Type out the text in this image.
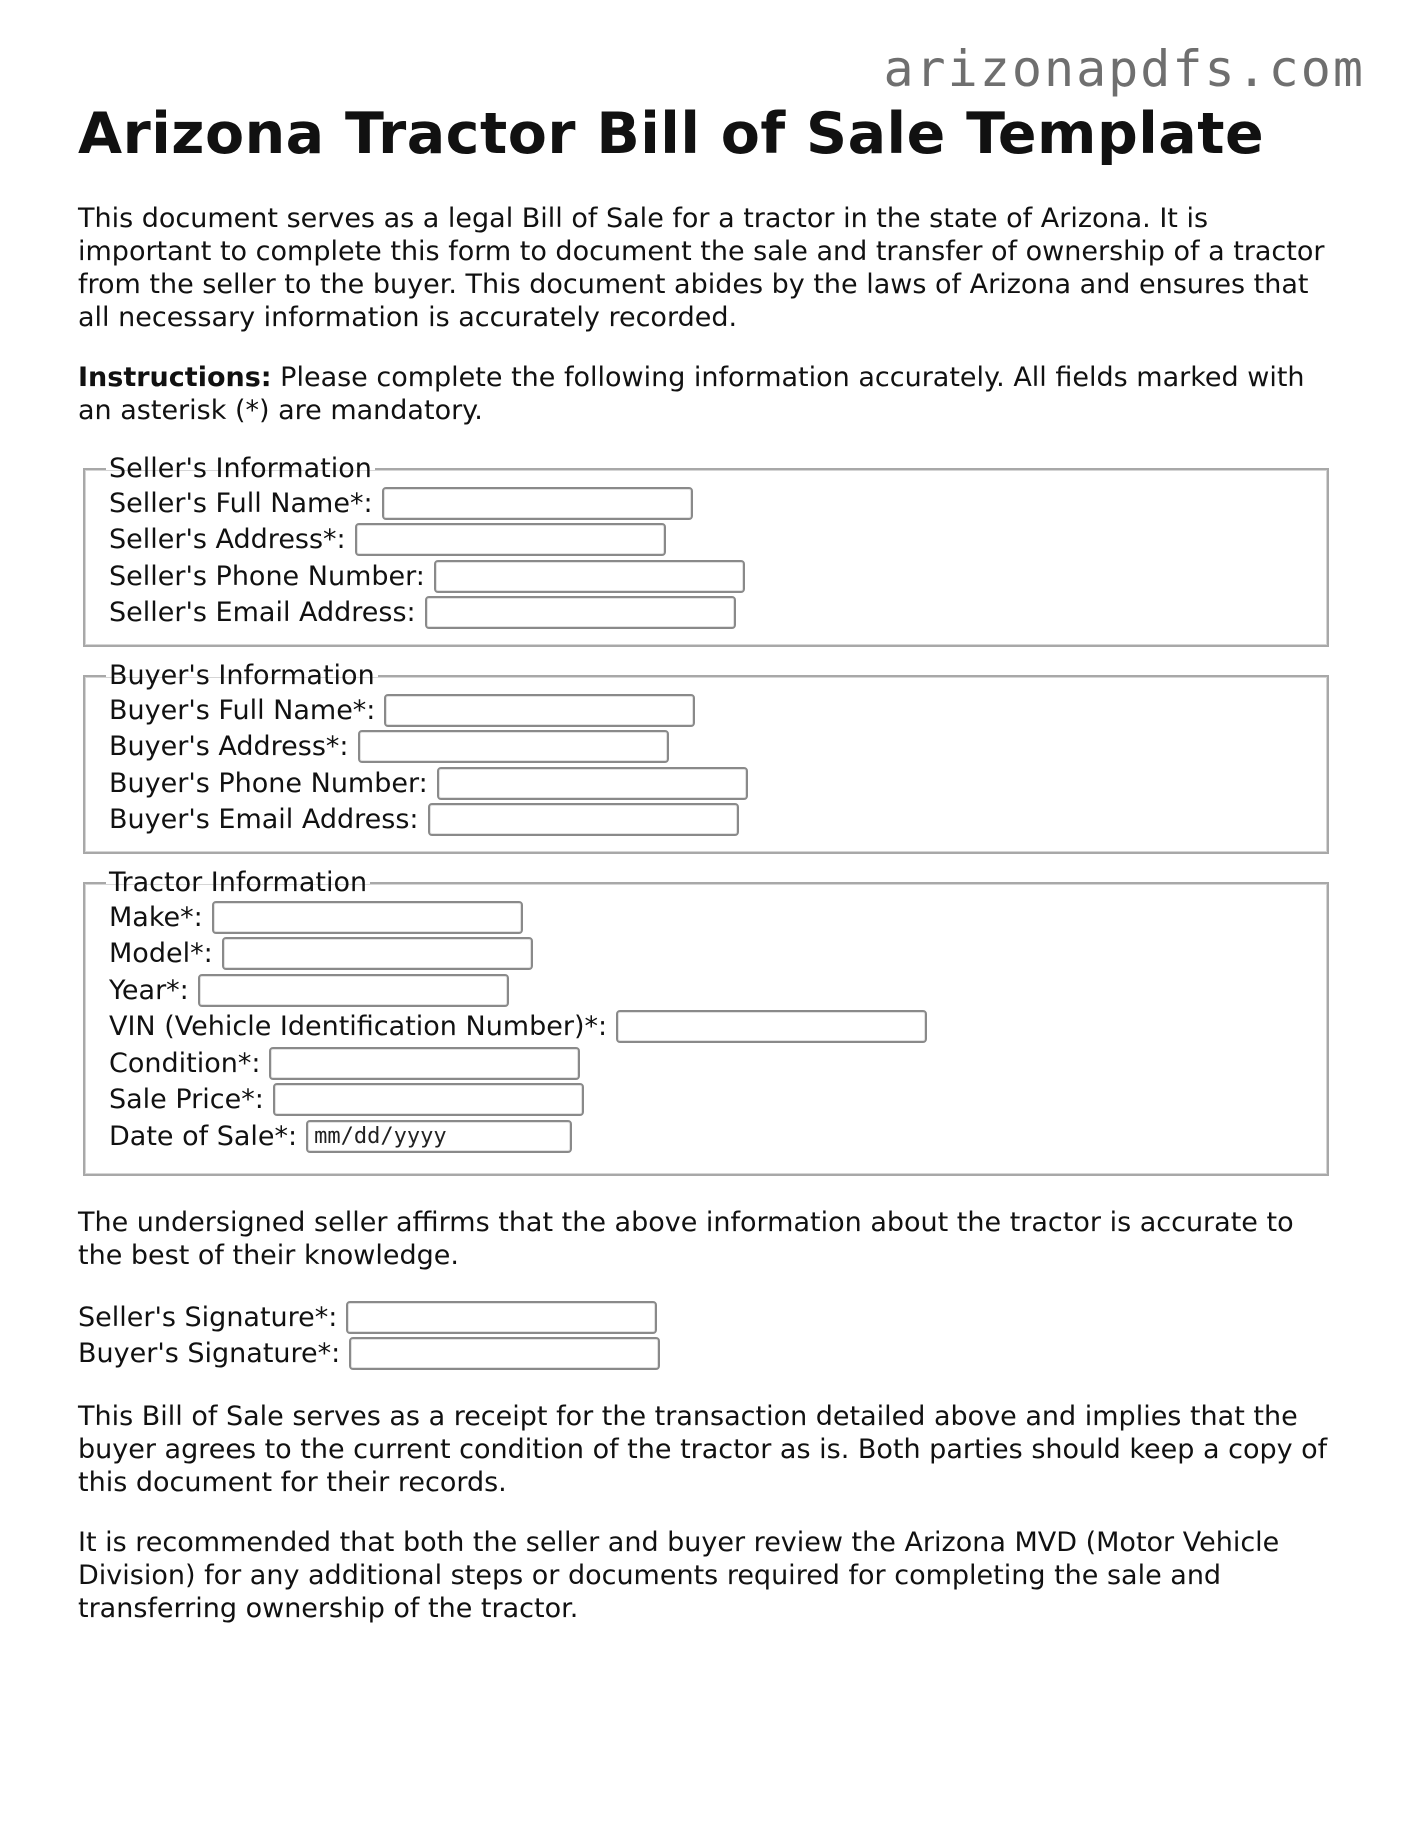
arizonapdfs.com
Arizona Tractor Bill of Sale Template

This document serves as a legal Bill of Sale for a tractor in the state of Arizona. It is important to complete this form to document the sale and transfer of ownership of a tractor from the seller to the buyer. This document abides by the laws of Arizona and ensures that all necessary information is accurately recorded.

Instructions: Please complete the following information accurately. All fields marked with an asterisk (*) are mandatory.

Seller's Information
Seller's Full Name*:
Seller's Address*:
Seller's Phone Number:
Seller's Email Address:
Buyer's Information
Buyer's Full Name*:
Buyer's Address*:
Buyer's Phone Number:
Buyer's Email Address:
Tractor Information
Make*:
Model*:
Year*:
VIN (Vehicle Identification Number)*:
Condition*:
Sale Price*:
Date of Sale*: mm/dd/yyyy

The undersigned seller affirms that the above information about the tractor is accurate to the best of their knowledge.

Seller's Signature*:
Buyer's Signature*:

This Bill of Sale serves as a receipt for the transaction detailed above and implies that the buyer agrees to the current condition of the tractor as is. Both parties should keep a copy of this document for their records.

It is recommended that both the seller and buyer review the Arizona MVD (Motor Vehicle Division) for any additional steps or documents required for completing the sale and transferring ownership of the tractor.
